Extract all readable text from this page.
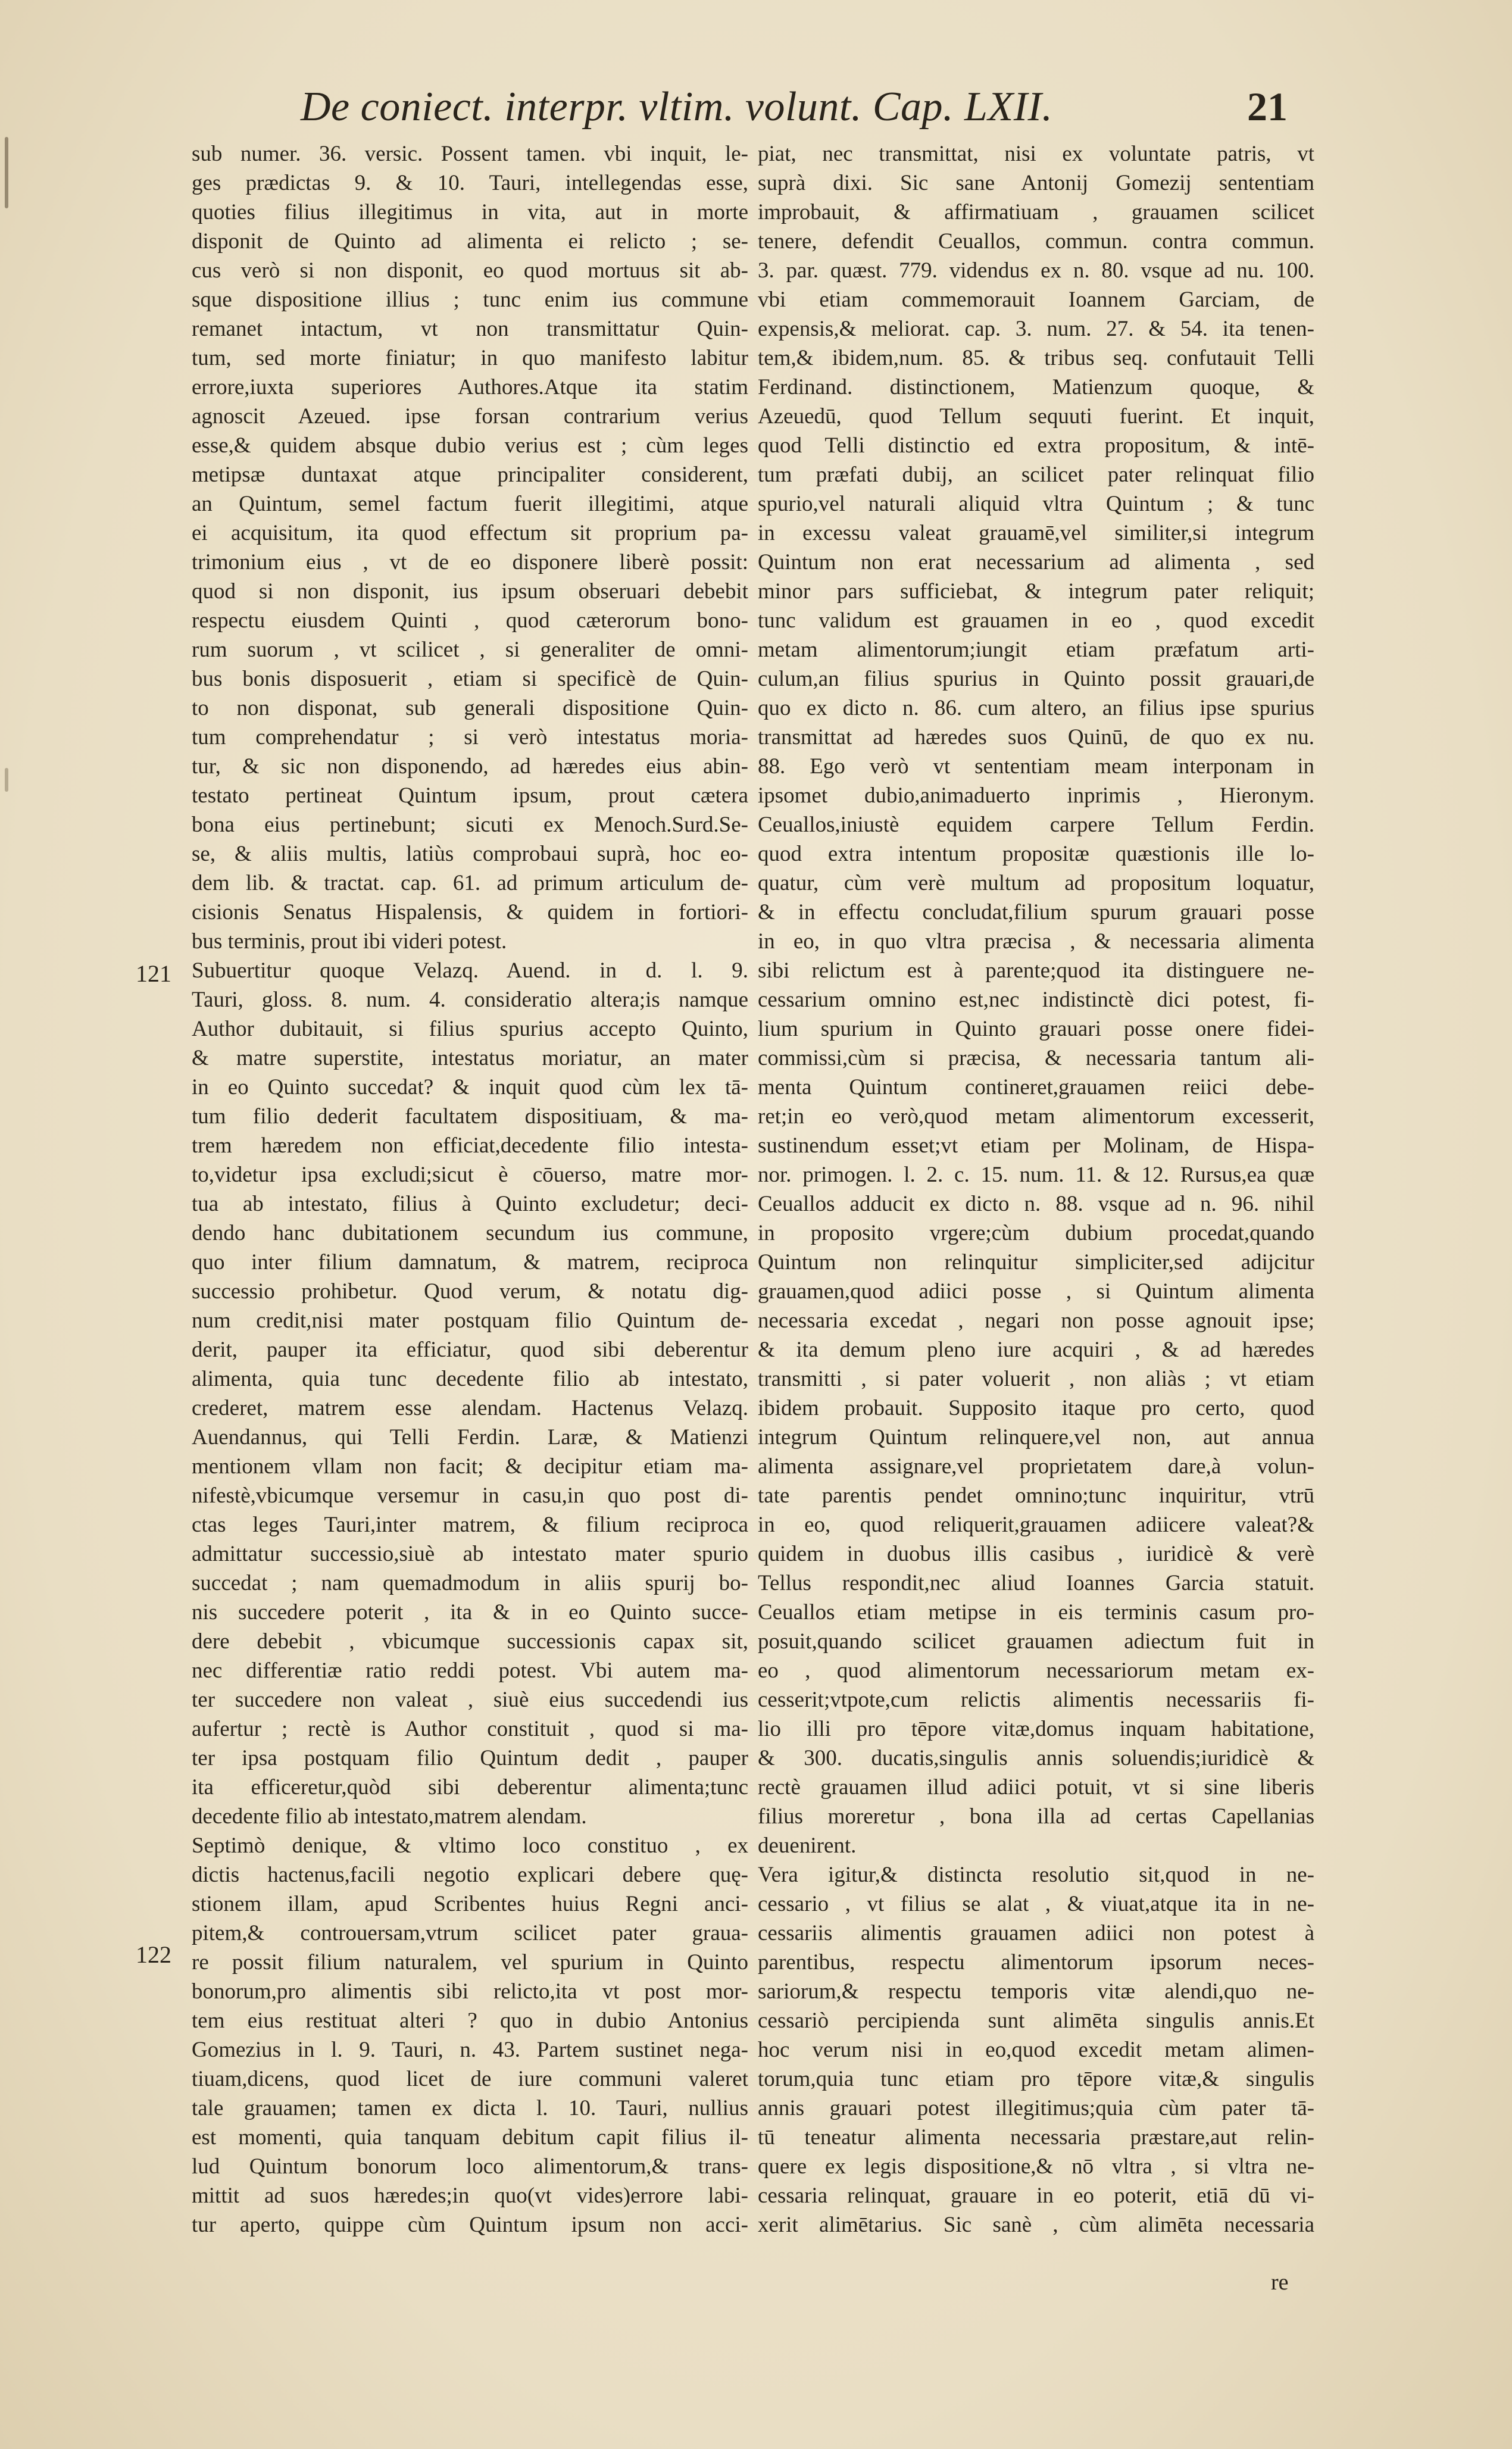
De coniect. interpr. vltim. volunt. Cap. LXII.	21
121
122
sub numer. 36. versic. Possent tamen. vbi inquit, le-
ges prædictas 9. & 10. Tauri, intellegendas esse,
quoties filius illegitimus in vita, aut in morte
disponit de Quinto ad alimenta ei relicto ; se-
cus verò si non disponit, eo quod mortuus sit ab-
sque dispositione illius ; tunc enim ius commune
remanet intactum, vt non transmittatur Quin-
tum, sed morte finiatur; in quo manifesto labitur
errore,iuxta superiores Authores.Atque ita statim
agnoscit Azeued. ipse forsan contrarium verius
esse,& quidem absque dubio verius est ; cùm leges
metipsæ duntaxat atque principaliter considerent,
an Quintum, semel factum fuerit illegitimi, atque
ei acquisitum, ita quod effectum sit proprium pa-
trimonium eius , vt de eo disponere liberè possit:
quod si non disponit, ius ipsum obseruari debebit
respectu eiusdem Quinti , quod cæterorum bono-
rum suorum , vt scilicet , si generaliter de omni-
bus bonis disposuerit , etiam si specificè de Quin-
to non disponat, sub generali dispositione Quin-
tum comprehendatur ; si verò intestatus moria-
tur, & sic non disponendo, ad hæredes eius abin-
testato pertineat Quintum ipsum, prout cætera
bona eius pertinebunt; sicuti ex Menoch.Surd.Se-
se, & aliis multis, latiùs comprobaui suprà, hoc eo-
dem lib. & tractat. cap. 61. ad primum articulum de-
cisionis Senatus Hispalensis, & quidem in fortiori-
bus terminis, prout ibi videri potest.
Subuertitur quoque Velazq. Auend. in d. l. 9.
Tauri, gloss. 8. num. 4. consideratio altera;is namque
Author dubitauit, si filius spurius accepto Quinto,
& matre superstite, intestatus moriatur, an mater
in eo Quinto succedat? & inquit quod cùm lex tā-
tum filio dederit facultatem dispositiuam, & ma-
trem hæredem non efficiat,decedente filio intesta-
to,videtur ipsa excludi;sicut è cōuerso, matre mor-
tua ab intestato, filius à Quinto excludetur; deci-
dendo hanc dubitationem secundum ius commune,
quo inter filium damnatum, & matrem, reciproca
successio prohibetur. Quod verum, & notatu dig-
num credit,nisi mater postquam filio Quintum de-
derit, pauper ita efficiatur, quod sibi deberentur
alimenta, quia tunc decedente filio ab intestato,
crederet, matrem esse alendam. Hactenus Velazq.
Auendannus, qui Telli Ferdin. Laræ, & Matienzi
mentionem vllam non facit; & decipitur etiam ma-
nifestè,vbicumque versemur in casu,in quo post di-
ctas leges Tauri,inter matrem, & filium reciproca
admittatur successio,siuè ab intestato mater spurio
succedat ; nam quemadmodum in aliis spurij bo-
nis succedere poterit , ita & in eo Quinto succe-
dere debebit , vbicumque successionis capax sit,
nec differentiæ ratio reddi potest. Vbi autem ma-
ter succedere non valeat , siuè eius succedendi ius
aufertur ; rectè is Author constituit , quod si ma-
ter ipsa postquam filio Quintum dedit , pauper
ita efficeretur,quòd sibi deberentur alimenta;tunc
decedente filio ab intestato,matrem alendam.
Septimò denique, & vltimo loco constituo , ex
dictis hactenus,facili negotio explicari debere quę-
stionem illam, apud Scribentes huius Regni anci-
pitem,& controuersam,vtrum scilicet pater grauа-
re possit filium naturalem, vel spurium in Quinto
bonorum,pro alimentis sibi relicto,ita vt post mor-
tem eius restituat alteri ? quo in dubio Antonius
Gomezius in l. 9. Tauri, n. 43. Partem sustinet nega-
tiuam,dicens, quod licet de iure communi valeret
tale grauamen; tamen ex dicta l. 10. Tauri, nullius
est momenti, quia tanquam debitum capit filius il-
lud Quintum bonorum loco alimentorum,& trans-
mittit ad suos hæredes;in quo(vt vides)errore labi-
tur aperto, quippe cùm Quintum ipsum non acci-
piat, nec transmittat, nisi ex voluntate patris, vt
suprà dixi. Sic sane Antonij Gomezij sententiam
improbauit, & affirmatiuam , grauamen scilicet
tenere, defendit Ceuallos, commun. contra commun.
3. par. quæst. 779. videndus ex n. 80. vsque ad nu. 100.
vbi etiam commemorauit Ioannem Garciam, de
expensis,& meliorat. cap. 3. num. 27. & 54. ita tenen-
tem,& ibidem,num. 85. & tribus seq. confutauit Telli
Ferdinand. distinctionem, Matienzum quoque, &
Azeuedū, quod Tellum sequuti fuerint. Et inquit,
quod Telli distinctio ed extra propositum, & intē-
tum præfati dubij, an scilicet pater relinquat filio
spurio,vel naturali aliquid vltra Quintum ; & tunc
in excessu valeat grauamē,vel similiter,si integrum
Quintum non erat necessarium ad alimenta , sed
minor pars sufficiebat, & integrum pater reliquit;
tunc validum est grauamen in eo , quod excedit
metam alimentorum;iungit etiam præfatum arti-
culum,an filius spurius in Quinto possit grauari,de
quo ex dicto n. 86. cum altero, an filius ipse spurius
transmittat ad hæredes suos Quinū, de quo ex nu.
88. Ego verò vt sententiam meam interponam in
ipsomet dubio,animaduerto inprimis , Hieronym.
Ceuallos,iniustè equidem carpere Tellum Ferdin.
quod extra intentum propositæ quæstionis ille lo-
quatur, cùm verè multum ad propositum loquatur,
& in effectu concludat,filium spurum grauari posse
in eo, in quo vltra præcisa , & necessaria alimenta
sibi relictum est à parente;quod ita distinguere ne-
cessarium omnino est,nec indistinctè dici potest, fi-
lium spurium in Quinto grauari posse onere fidei-
commissi,cùm si præcisa, & necessaria tantum ali-
menta Quintum contineret,grauamen reiici debe-
ret;in eo verò,quod metam alimentorum excesserit,
sustinendum esset;vt etiam per Molinam, de Hispa-
nor. primogen. l. 2. c. 15. num. 11. & 12. Rursus,ea quæ
Ceuallos adducit ex dicto n. 88. vsque ad n. 96. nihil
in proposito vrgere;cùm dubium procedat,quando
Quintum non relinquitur simpliciter,sed adijcitur
grauamen,quod adiici posse , si Quintum alimenta
necessaria excedat , negari non posse agnouit ipse;
& ita demum pleno iure acquiri , & ad hæredes
transmitti , si pater voluerit , non aliàs ; vt etiam
ibidem probauit. Supposito itaque pro certo, quod
integrum Quintum relinquere,vel non, aut annua
alimenta assignare,vel proprietatem dare,à volun-
tate parentis pendet omnino;tunc inquiritur, vtrū
in eo, quod reliquerit,grauamen adiicere valeat?&
quidem in duobus illis casibus , iuridicè & verè
Tellus respondit,nec aliud Ioannes Garcia statuit.
Ceuallos etiam metipse in eis terminis casum pro-
posuit,quando scilicet grauamen adiectum fuit in
eo , quod alimentorum necessariorum metam ex-
cesserit;vtpote,cum relictis alimentis necessariis fi-
lio illi pro tēpore vitæ,domus inquam habitatione,
& 300. ducatis,singulis annis soluendis;iuridicè &
rectè grauamen illud adiici potuit, vt si sine liberis
filius moreretur , bona illa ad certas Capellanias
deuenirent.
Vera igitur,& distincta resolutio sit,quod in ne-
cessario , vt filius se alat , & viuat,atque ita in ne-
cessariis alimentis grauamen adiici non potest à
parentibus, respectu alimentorum ipsorum neces-
sariorum,& respectu temporis vitæ alendi,quo ne-
cessariò percipienda sunt alimēta singulis annis.Et
hoc verum nisi in eo,quod excedit metam alimen-
torum,quia tunc etiam pro tēpore vitæ,& singulis
annis grauari potest illegitimus;quia cùm pater tā-
tū teneatur alimenta necessaria præstare,aut relin-
quere ex legis dispositione,& nō vltra , si vltra ne-
cessaria relinquat, grauare in eo poterit, etiā dū vi-
xerit alimētarius. Sic sanè , cùm alimēta necessaria
re
